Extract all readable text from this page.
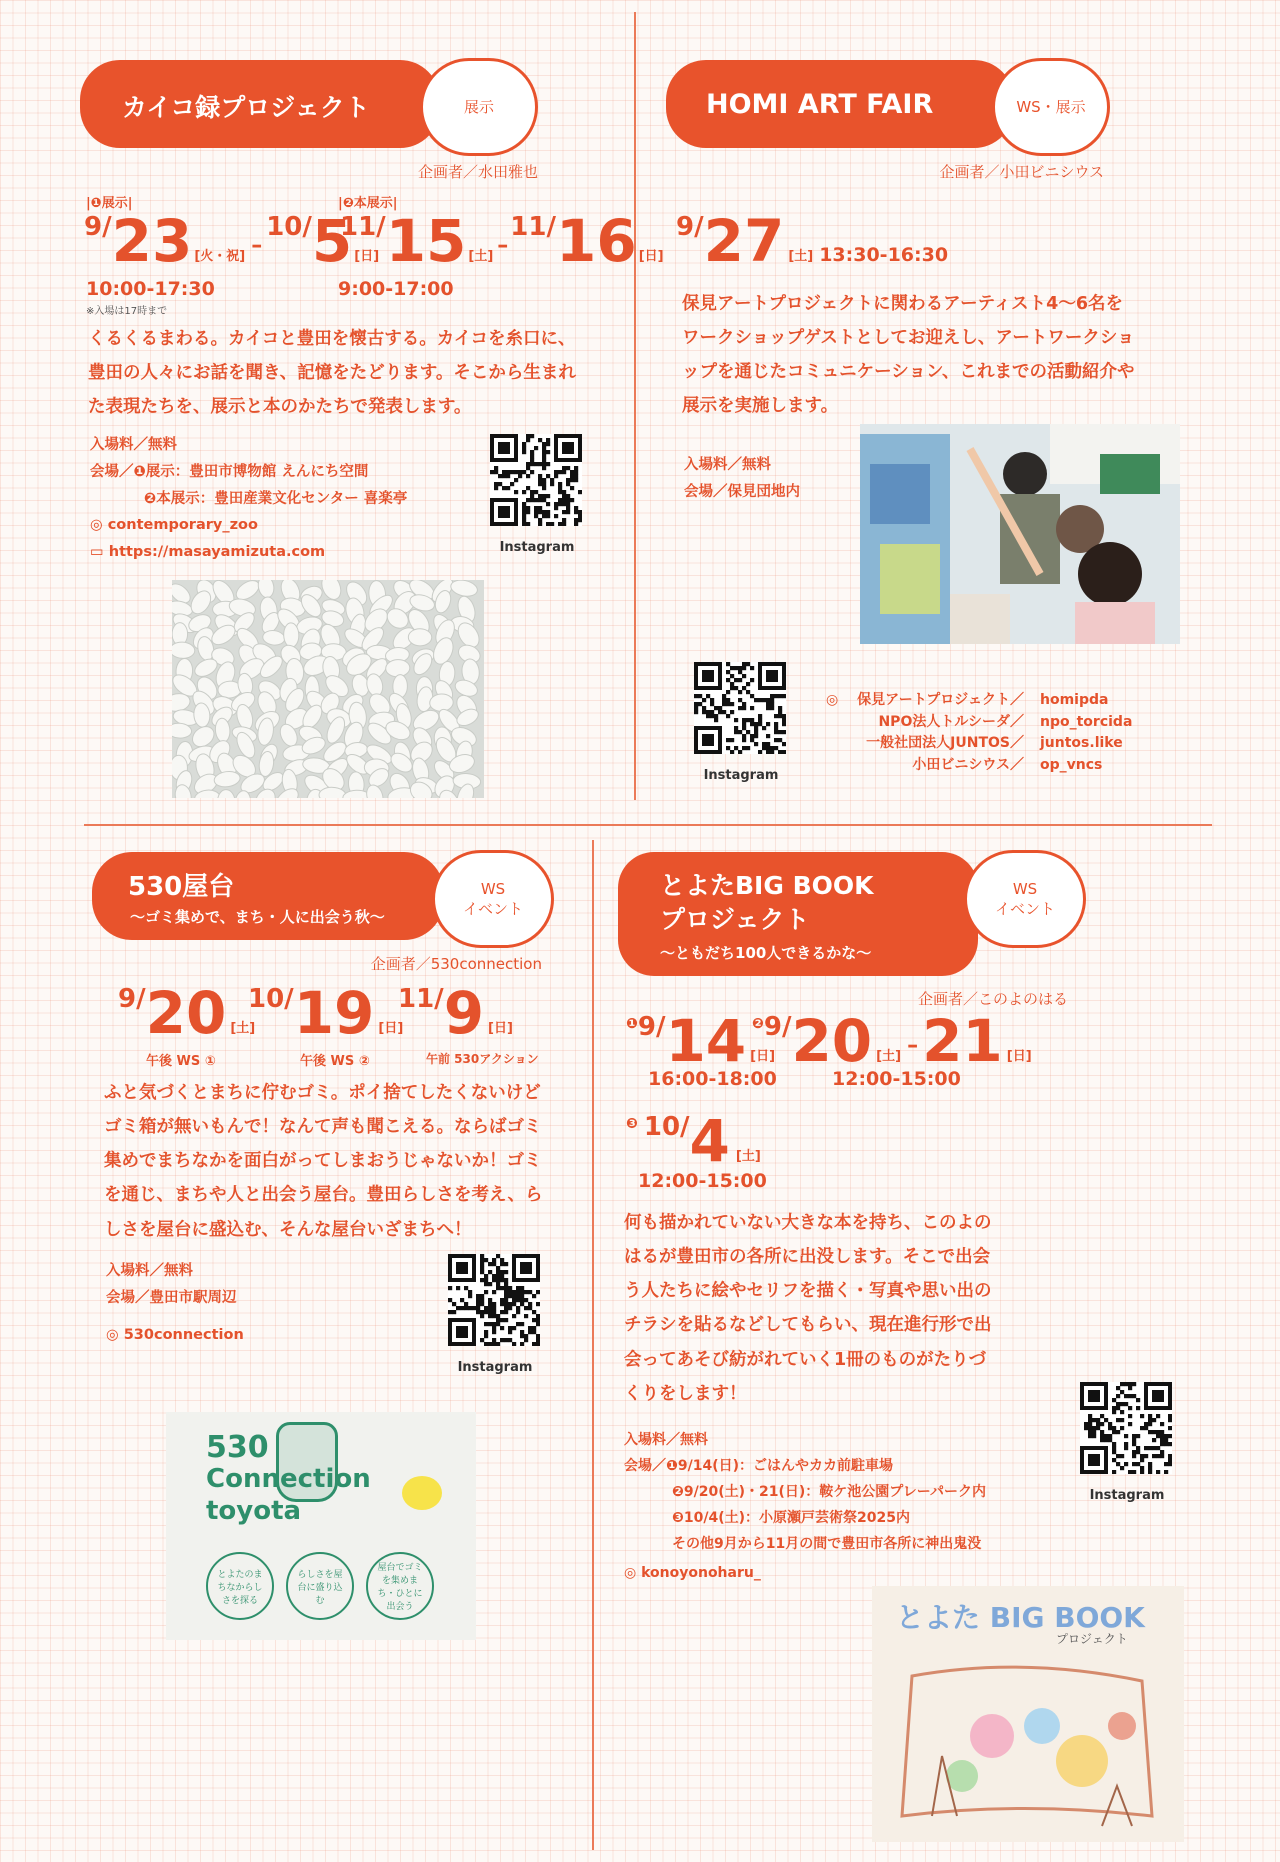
カイコ録プロジェクト	展示
企画者／水田雅也
|❶展示|	|❷本展示|
9/ 23 [火・祝] –
10/ 5 [日]
11/ 15 [土] –
11/ 16 [日]
10:00-17:30
※入場は17時まで
9:00-17:00
くるくるまわる。カイコと豊田を懐古する。カイコを糸口に、豊田の人々にお話を聞き、記憶をたどります。そこから生まれた表現たちを、展示と本のかたちで発表します。
入場料／無料
会場／❶展示：豊田市博物館 えんにち空間
❷本展示：豊田産業文化センター 喜楽亭
◎ contemporary_zoo
▭ https://masayamizuta.com	Instagram
HOMI ART FAIR	WS・展示
企画者／小田ビニシウス
9/ 27 [土] 13:30-16:30
保見アートプロジェクトに関わるアーティスト4〜6名をワークショップゲストとしてお迎えし、アートワークショップを通じたコミュニケーション、これまでの活動紹介や展示を実施します。
入場料／無料
会場／保見団地内
Instagram
◎	保見アートプロジェクト／ homipda
NPO法人トルシーダ／ npo_torcida
一般社団法人JUNTOS／ juntos.like
小田ビニシウス／ op_vncs
530屋台
〜ゴミ集めで、まち・人に出会う秋〜
WS
イベント
企画者／530connection
9/ 20 [土]
午後 WS ①
10/ 19 [日]
午後 WS ②
11/ 9 [日]
午前 530アクション
ふと気づくとまちに佇むゴミ。ポイ捨てしたくないけどゴミ箱が無いもんで！なんて声も聞こえる。ならばゴミ集めでまちなかを面白がってしまおうじゃないか！ゴミを通じ、まちや人と出会う屋台。豊田らしさを考え、らしさを屋台に盛込む、そんな屋台いざまちへ！
入場料／無料
会場／豊田市駅周辺
◎ 530connection
Instagram
530
Connection
toyota
とよたのまちなからしさを探る
らしさを屋台に盛り込む
屋台でゴミを集めまち・ひとに出会う
とよたBIG BOOK
プロジェクト
〜ともだち100人できるかな〜
WS
イベント
企画者／このよのはる
❶ 9/ 14 [日]
16:00-18:00
❷ 9/ 20 [土] – 21 [日]
12:00-15:00
❸ 10/ 4 [土]
12:00-15:00
何も描かれていない大きな本を持ち、このよのはるが豊田市の各所に出没します。そこで出会う人たちに絵やセリフを描く・写真や思い出のチラシを貼るなどしてもらい、現在進行形で出会ってあそび紡がれていく1冊のものがたりづくりをします！
入場料／無料
会場／❶9/14(日)：ごはんやカカ前駐車場
❷9/20(土)・21(日)：鞍ケ池公園プレーパーク内
❸10/4(土)：小原瀬戸芸術祭2025内
その他9月から11月の間で豊田市各所に神出鬼没
◎ konoyonoharu_
Instagram
とよた BIG BOOK
プロジェクト
